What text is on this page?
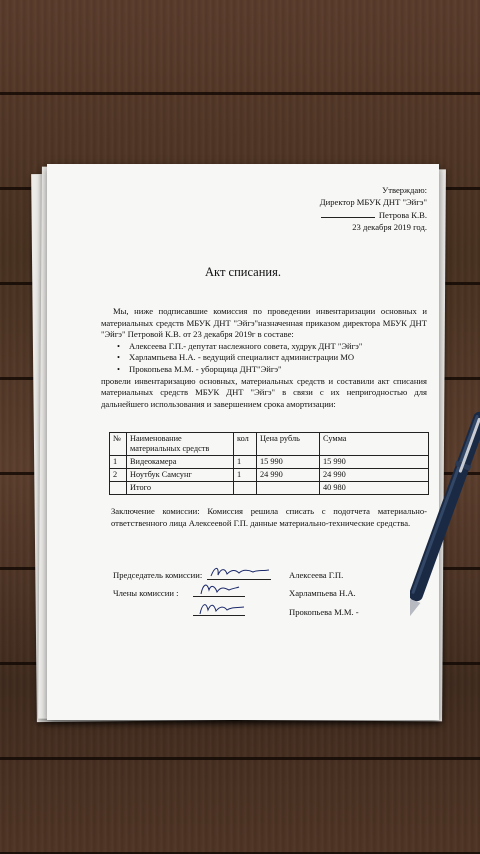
Утверждаю:
Директор МБУК ДНТ "Эйгэ"
Петрова К.В.
23 декабря 2019 год.
Акт списания.

Мы, ниже подписавшие комиссия по проведении инвентаризации основных и материальных средств МБУК ДНТ "Эйгэ"назначенная приказом директора МБУК ДНТ "Эйгэ" Петровой К.В. от 23 декабря 2019г в составе:

• Алексеева Г.П.- депутат наслежного совета, худрук ДНТ "Эйгэ"
• Харлампьева Н.А. - ведущий специалист администрации МО
• Прокопьева М.М. - уборщица ДНТ"Эйгэ"

провели инвентаризацию основных, материальных средств и составили акт списания материальных средств МБУК ДНТ "Эйгэ" в связи с их непригодностью для дальнейшего использования и завершением срока амортизации:

№	Наименование материальных средств	кол	Цена рубль	Сумма
1	Видеокамера	1	15 990	15 990
2	Ноутбук Самсунг	1	24 990	24 990
	Итого			40 980
Заключение комиссии: Комиссия решила списать с подотчета материально-ответственного лица Алексеевой Г.П. данные материально-технические средства.
Председатель комиссии:	Алексеева Г.П.
Члены комиссии :	Харлампьева Н.А.
Прокопьева М.М. -
